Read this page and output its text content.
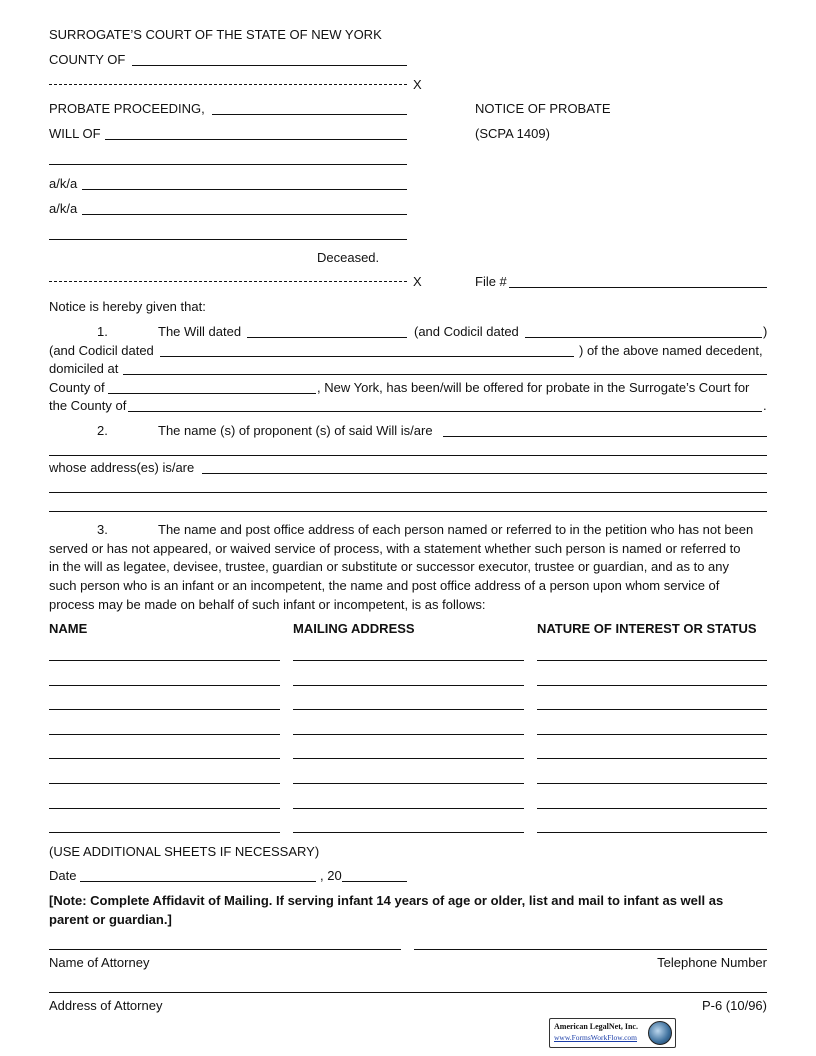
SURROGATE’S COURT OF THE STATE OF NEW YORK
COUNTY OF
X
PROBATE PROCEEDING,	NOTICE OF PROBATE
WILL OF	(SCPA 1409)
a/k/a
a/k/a
Deceased.
X	File #
Notice is hereby given that:
1.	The Will dated	(and Codicil dated	)
(and Codicil dated	) of the above named decedent,
domiciled at
County of	, New York, has been/will be offered for probate in the Surrogate’s Court for
the County of	.
2.	The name (s) of proponent (s) of said Will is/are
whose address(es) is/are
3.	The name and post office address of each person named or referred to in the petition who has not been
served or has not appeared, or waived service of process, with a statement whether such person is named or referred to
in the will as legatee, devisee, trustee, guardian or substitute or successor executor, trustee or guardian, and as to any
such person who is an infant or an incompetent, the name and post office address of a person upon whom service of
process may be made on behalf of such infant or incompetent, is as follows:
NAME	MAILING ADDRESS	NATURE OF INTEREST OR STATUS
(USE ADDITIONAL SHEETS IF NECESSARY)
Date	, 20
[Note: Complete Affidavit of Mailing. If serving infant 14 years of age or older, list and mail to infant as well as
parent or guardian.]
Name of Attorney	Telephone Number
Address of Attorney	P-6 (10/96)
American LegalNet, Inc.
www.FormsWorkFlow.com
